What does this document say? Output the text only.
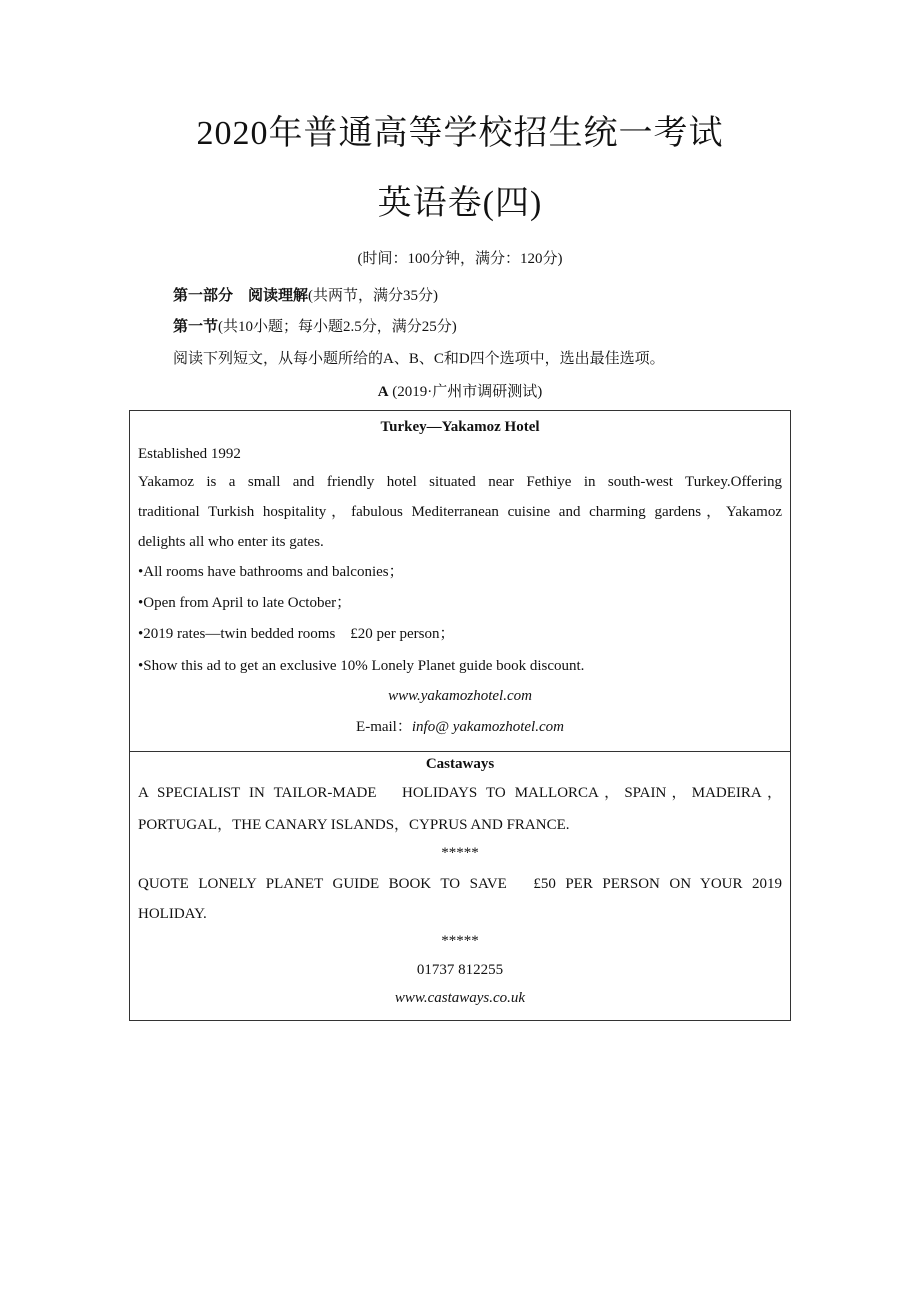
2020年普通高等学校招生统一考试
英语卷(四)
(时间：100分钟，满分：120分)
第一部分　阅读理解(共两节，满分35分)
第一节(共10小题；每小题2.5分，满分25分)
阅读下列短文，从每小题所给的A、B、C和D四个选项中，选出最佳选项。
A (2019·广州市调研测试)
Turkey—Yakamoz Hotel
Established 1992
Yakamoz is a small and friendly hotel situated near Fethiye in south-west Turkey.Offering
traditional Turkish hospitality，fabulous Mediterranean cuisine and charming gardens，Yakamoz
delights all who enter its gates.
•All rooms have bathrooms and balconies；
•Open from April to late October；
•2019 rates—twin bedded rooms　£20 per person；
•Show this ad to get an exclusive 10% Lonely Planet guide book discount.
www.yakamozhotel.com
E-mail：info@ yakamozhotel.com
Castaways
A SPECIALIST IN TAILOR-MADE　HOLIDAYS TO MALLORCA，SPAIN，MADEIRA，
PORTUGAL，THE CANARY ISLANDS，CYPRUS AND FRANCE.
*****
QUOTE LONELY PLANET GUIDE BOOK TO SAVE　£50 PER PERSON ON YOUR 2019
HOLIDAY.
*****
01737 812255
www.castaways.co.uk
